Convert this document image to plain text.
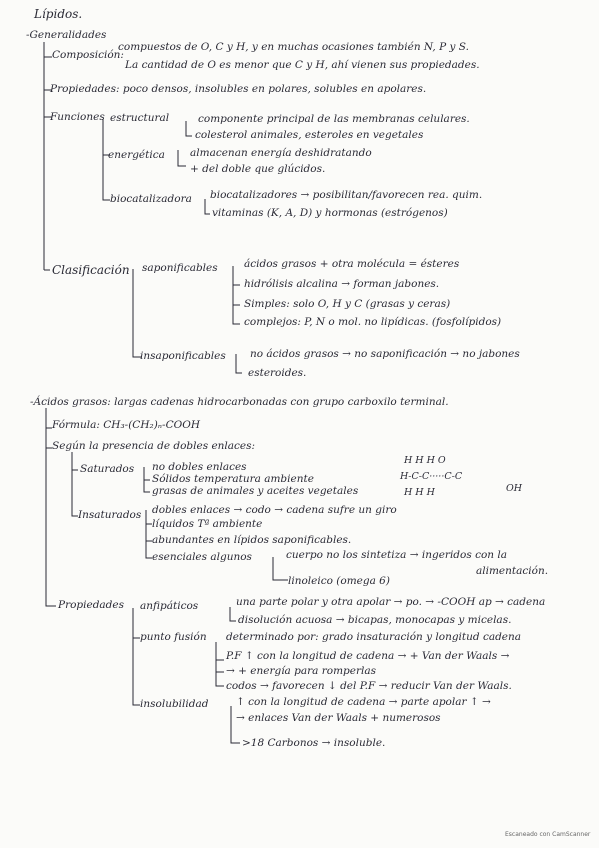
Lípidos.
-Generalidades
Composición:
compuestos de O, C y H, y en muchas ocasiones también N, P y S.
La cantidad de O es menor que C y H, ahí vienen sus propiedades.
Propiedades: poco densos, insolubles en polares, solubles en apolares.
Funciones estructural	componente principal de las membranas celulares.
colesterol animales, esteroles en vegetales
energética almacenan energía deshidratando
+ del doble que glúcidos.
biocatalizadora biocatalizadores → posibilitan/favorecen rea. quim.
vitaminas (K, A, D) y hormonas (estrógenos)
Clasificación saponificables	ácidos grasos + otra molécula = ésteres
hidrólisis alcalina → forman jabones.
Simples: solo O, H y C (grasas y ceras)
complejos: P, N o mol. no lipídicas. (fosfolípidos)
insaponificables no ácidos grasos → no saponificación → no jabones
esteroides.
-Ácidos grasos: largas cadenas hidrocarbonadas con grupo carboxilo terminal.
Fórmula: CH₃-(CH₂)ₙ-COOH
Según la presencia de dobles enlaces:
Saturados no dobles enlaces
Sólidos temperatura ambiente
grasas de animales y aceites vegetales
H H H O
H-C-C·····C-C
OH
H H H
Insaturados dobles enlaces → codo → cadena sufre un giro
líquidos Tª ambiente
abundantes en lípidos saponificables.
esenciales algunos	cuerpo no los sintetiza → ingeridos con la
alimentación.
linoleico (omega 6)
Propiedades anfipáticos	una parte polar y otra apolar → po. → -COOH ap → cadena
disolución acuosa → bicapas, monocapas y micelas.
punto fusión determinado por: grado insaturación y longitud cadena
P.F ↑ con la longitud de cadena → + Van der Waals →
→ + energía para romperlas
codos → favorecen ↓ del P.F → reducir Van der Waals.
insolubilidad	↑ con la longitud de cadena → parte apolar ↑ →
→ enlaces Van der Waals + numerosos
>18 Carbonos → insoluble.
Escaneado con CamScanner
